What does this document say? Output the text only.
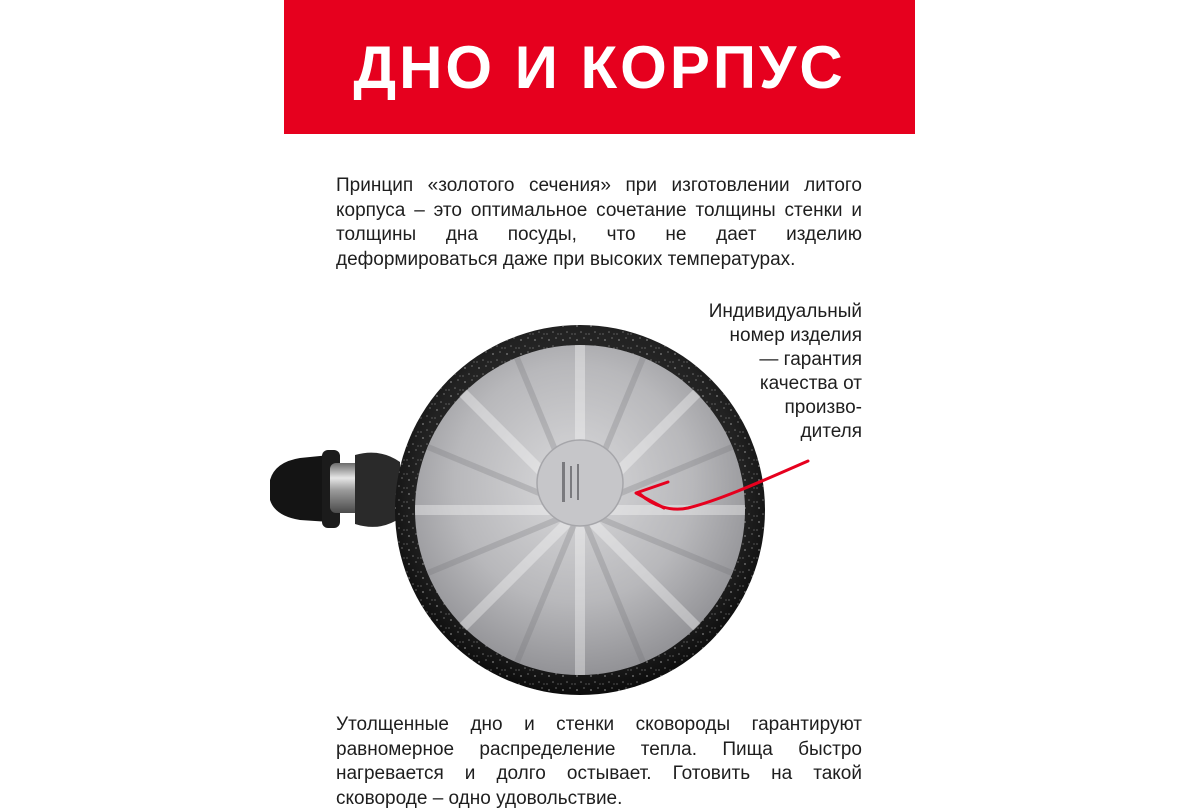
ДНО И КОРПУС

Принцип «золотого сечения» при изготовлении литого корпуса – это оптимальное сочетание толщины стенки и толщины дна посуды, что не дает изделию деформироваться даже при высоких температурах.

Индивидуальный
номер изделия
— гарантия
качества от
произво-
дителя

Утолщенные дно и стенки сковороды гарантируют равномерное распределение тепла. Пища быстро нагревается и долго остывает. Готовить на такой сковороде – одно удовольствие.
